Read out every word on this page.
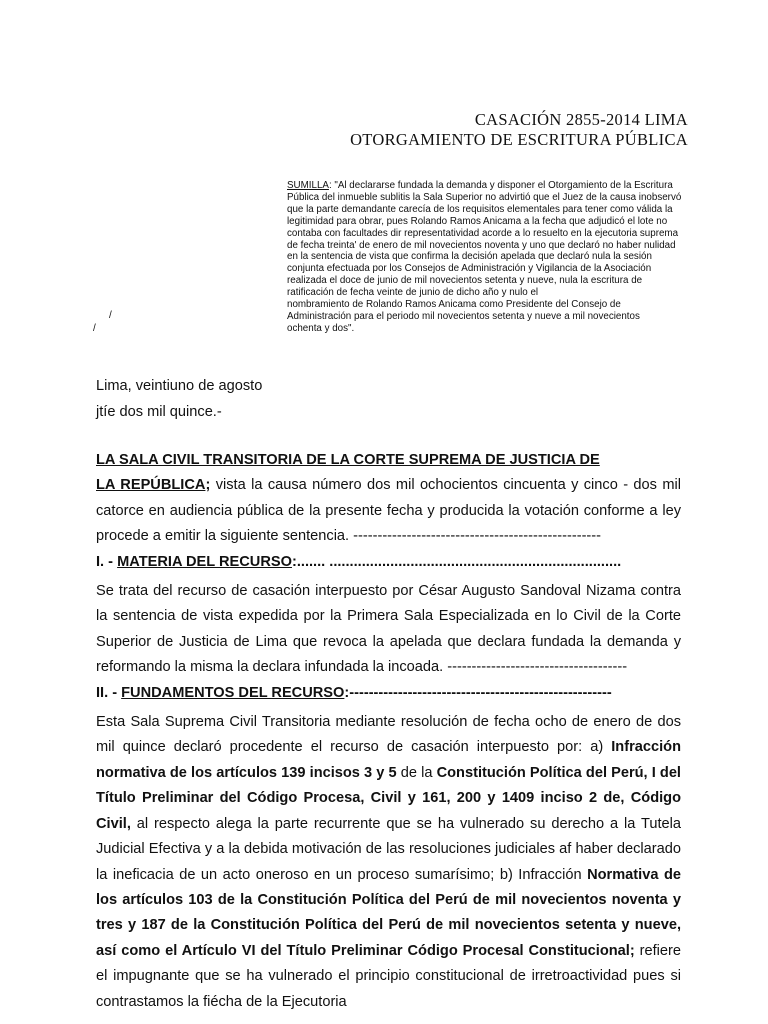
CASACIÓN 2855-2014 LIMA
OTORGAMIENTO DE ESCRITURA PÚBLICA
SUMILLA: "Al declararse fundada la demanda y disponer el Otorgamiento de la Escritura
Pública del inmueble sublitis la Sala Superior no advirtió que el Juez de la causa inobservó
que la parte demandante carecía de los requisitos elementales para tener como válida la
legitimidad para obrar, pues Rolando Ramos Anicama a la fecha que adjudicó el lote no
contaba con facultades dir representatividad acorde a lo resuelto en la ejecutoria suprema
de fecha treinta' de enero de mil novecientos noventa y uno que declaró no haber nulidad
en la sentencia de vista que confirma la decisión apelada que declaró nula la sesión
conjunta efectuada por los Consejos de Administración y Vigilancia de la Asociación
realizada el doce de junio de mil novecientos setenta y nueve, nula la escritura de
ratificación de fecha veinte de junio de dicho año y nulo el
nombramiento de Rolando Ramos Anicama como Presidente del Consejo de
Administración para el periodo mil novecientos setenta y nueve a mil novecientos
ochenta y dos".
/
/
Lima, veintiuno de agosto
jtíe dos mil quince.-

LA SALA CIVIL TRANSITORIA DE LA CORTE SUPREMA DE JUSTICIA DE

LA REPÚBLICA; vista la causa número dos mil ochocientos cincuenta y cinco - dos mil catorce en audiencia pública de la presente fecha y producida la votación conforme a ley procede a emitir la siguiente sentencia. ---------------------------------------------------

I. - MATERIA DEL RECURSO:....... ........................................................................

Se trata del recurso de casación interpuesto por César Augusto Sandoval Nizama contra la sentencia de vista expedida por la Primera Sala Especializada en lo Civil de la Corte Superior de Justicia de Lima que revoca la apelada que declara fundada la demanda y reformando la misma la declara infundada la incoada. -------------------------------------

II. - FUNDAMENTOS DEL RECURSO:------------------------------------------------------

Esta Sala Suprema Civil Transitoria mediante resolución de fecha ocho de enero de dos mil quince declaró procedente el recurso de casación interpuesto por: a) Infracción normativa de los artículos 139 incisos 3 y 5 de la Constitución Política del Perú, I del Título Preliminar del Código Procesa, Civil y 161, 200 y 1409 inciso 2 de, Código Civil, al respecto alega la parte recurrente que se ha vulnerado su derecho a la Tutela Judicial Efectiva y a la debida motivación de las resoluciones judiciales af haber declarado la ineficacia de un acto oneroso en un proceso sumarísimo; b) Infracción Normativa de los artículos 103 de la Constitución Política del Perú de mil novecientos noventa y tres y 187 de la Constitución Política del Perú de mil novecientos setenta y nueve, así como el Artículo VI del Título Preliminar Código Procesal Constitucional; refiere el impugnante que se ha vulnerado el principio constitucional de irretroactividad pues si contrastamos la fiécha de la Ejecutoria
